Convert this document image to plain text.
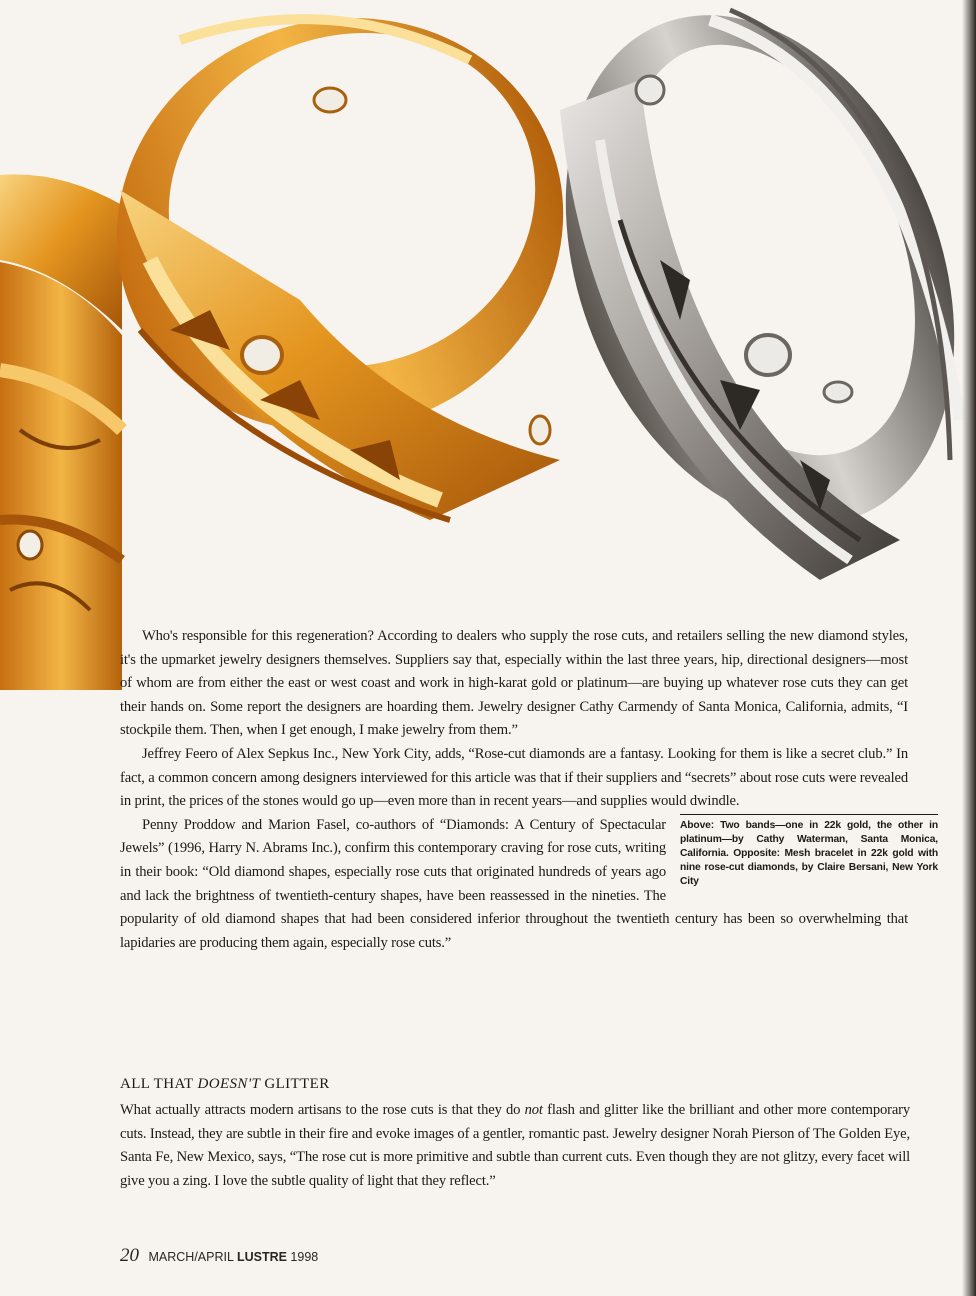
Who's responsible for this regeneration? According to dealers who supply the rose cuts, and retailers selling the new diamond styles, it's the upmarket jewelry designers themselves. Suppliers say that, especially within the last three years, hip, directional designers—most of whom are from either the east or west coast and work in high-karat gold or platinum—are buying up whatever rose cuts they can get their hands on. Some report the designers are hoarding them. Jewelry designer Cathy Carmendy of Santa Monica, California, admits, “I stockpile them. Then, when I get enough, I make jewelry from them.”

Jeffrey Feero of Alex Sepkus Inc., New York City, adds, “Rose-cut diamonds are a fantasy. Looking for them is like a secret club.” In fact, a common concern among designers interviewed for this article was that if their suppliers and “secrets” about rose cuts were revealed in print, the prices of the stones would go up—even more than in recent years—and supplies would dwindle.

Above: Two bands—one in 22k gold, the other in platinum—by Cathy Waterman, Santa Monica, California. Opposite: Mesh bracelet in 22k gold with nine rose-cut diamonds, by Claire Bersani, New York City
Penny Proddow and Marion Fasel, co-authors of “Diamonds: A Century of Spectacular Jewels” (1996, Harry N. Abrams Inc.), confirm this contemporary craving for rose cuts, writing in their book: “Old diamond shapes, especially rose cuts that originated hundreds of years ago and lack the brightness of twentieth-century shapes, have been reassessed in the nineties. The popularity of old diamond shapes that had been considered inferior throughout the twentieth century has been so overwhelming that lapidaries are producing them again, especially rose cuts.”

ALL THAT DOESN'T GLITTER

What actually attracts modern artisans to the rose cuts is that they do not flash and glitter like the brilliant and other more contemporary cuts. Instead, they are subtle in their fire and evoke images of a gentler, romantic past. Jewelry designer Norah Pierson of The Golden Eye, Santa Fe, New Mexico, says, “The rose cut is more primitive and subtle than current cuts. Even though they are not glitzy, every facet will give you a zing. I love the subtle quality of light that they reflect.”

20 MARCH/APRIL LUSTRE 1998
